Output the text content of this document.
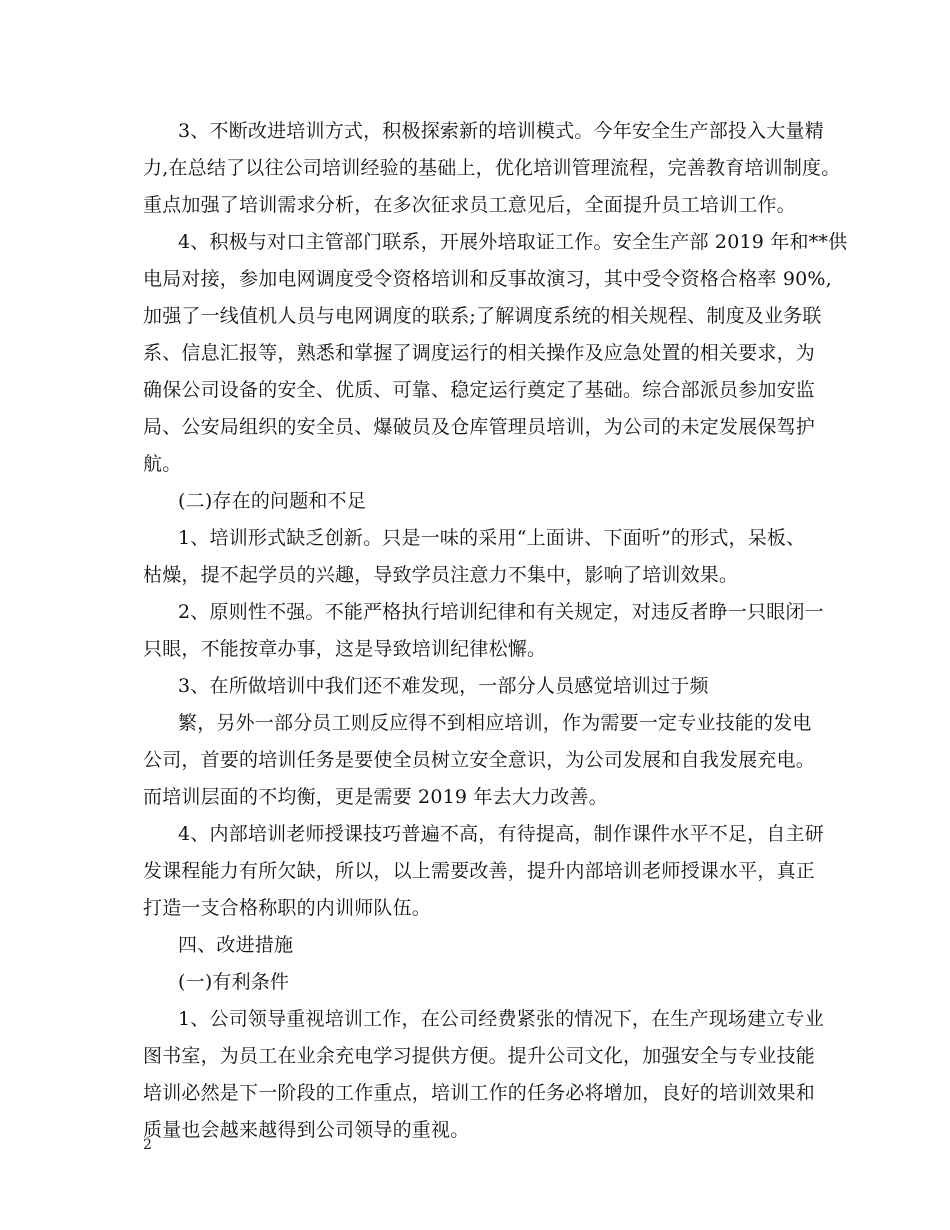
3、不断改进培训方式，积极探索新的培训模式。今年安全生产部投入大量精
力,在总结了以往公司培训经验的基础上，优化培训管理流程，完善教育培训制度。
重点加强了培训需求分析，在多次征求员工意见后，全面提升员工培训工作。
4、积极与对口主管部门联系，开展外培取证工作。安全生产部 2019 年和**供
电局对接，参加电网调度受令资格培训和反事故演习，其中受令资格合格率 90%,
加强了一线值机人员与电网调度的联系;了解调度系统的相关规程、制度及业务联
系、信息汇报等，熟悉和掌握了调度运行的相关操作及应急处置的相关要求，为
确保公司设备的安全、优质、可靠、稳定运行奠定了基础。综合部派员参加安监
局、公安局组织的安全员、爆破员及仓库管理员培训，为公司的未定发展保驾护
航。
(二)存在的问题和不足
1、培训形式缺乏创新。只是一味的采用“上面讲、下面听”的形式，呆板、
枯燥，提不起学员的兴趣，导致学员注意力不集中，影响了培训效果。
2、原则性不强。不能严格执行培训纪律和有关规定，对违反者睁一只眼闭一
只眼，不能按章办事，这是导致培训纪律松懈。
3、在所做培训中我们还不难发现，一部分人员感觉培训过于频
繁，另外一部分员工则反应得不到相应培训，作为需要一定专业技能的发电
公司，首要的培训任务是要使全员树立安全意识，为公司发展和自我发展充电。
而培训层面的不均衡，更是需要 2019 年去大力改善。
4、内部培训老师授课技巧普遍不高，有待提高，制作课件水平不足，自主研
发课程能力有所欠缺，所以，以上需要改善，提升内部培训老师授课水平，真正
打造一支合格称职的内训师队伍。
四、改进措施
(一)有利条件
1、公司领导重视培训工作，在公司经费紧张的情况下，在生产现场建立专业
图书室，为员工在业余充电学习提供方便。提升公司文化，加强安全与专业技能
培训必然是下一阶段的工作重点，培训工作的任务必将增加，良好的培训效果和
质量也会越来越得到公司领导的重视。
2
